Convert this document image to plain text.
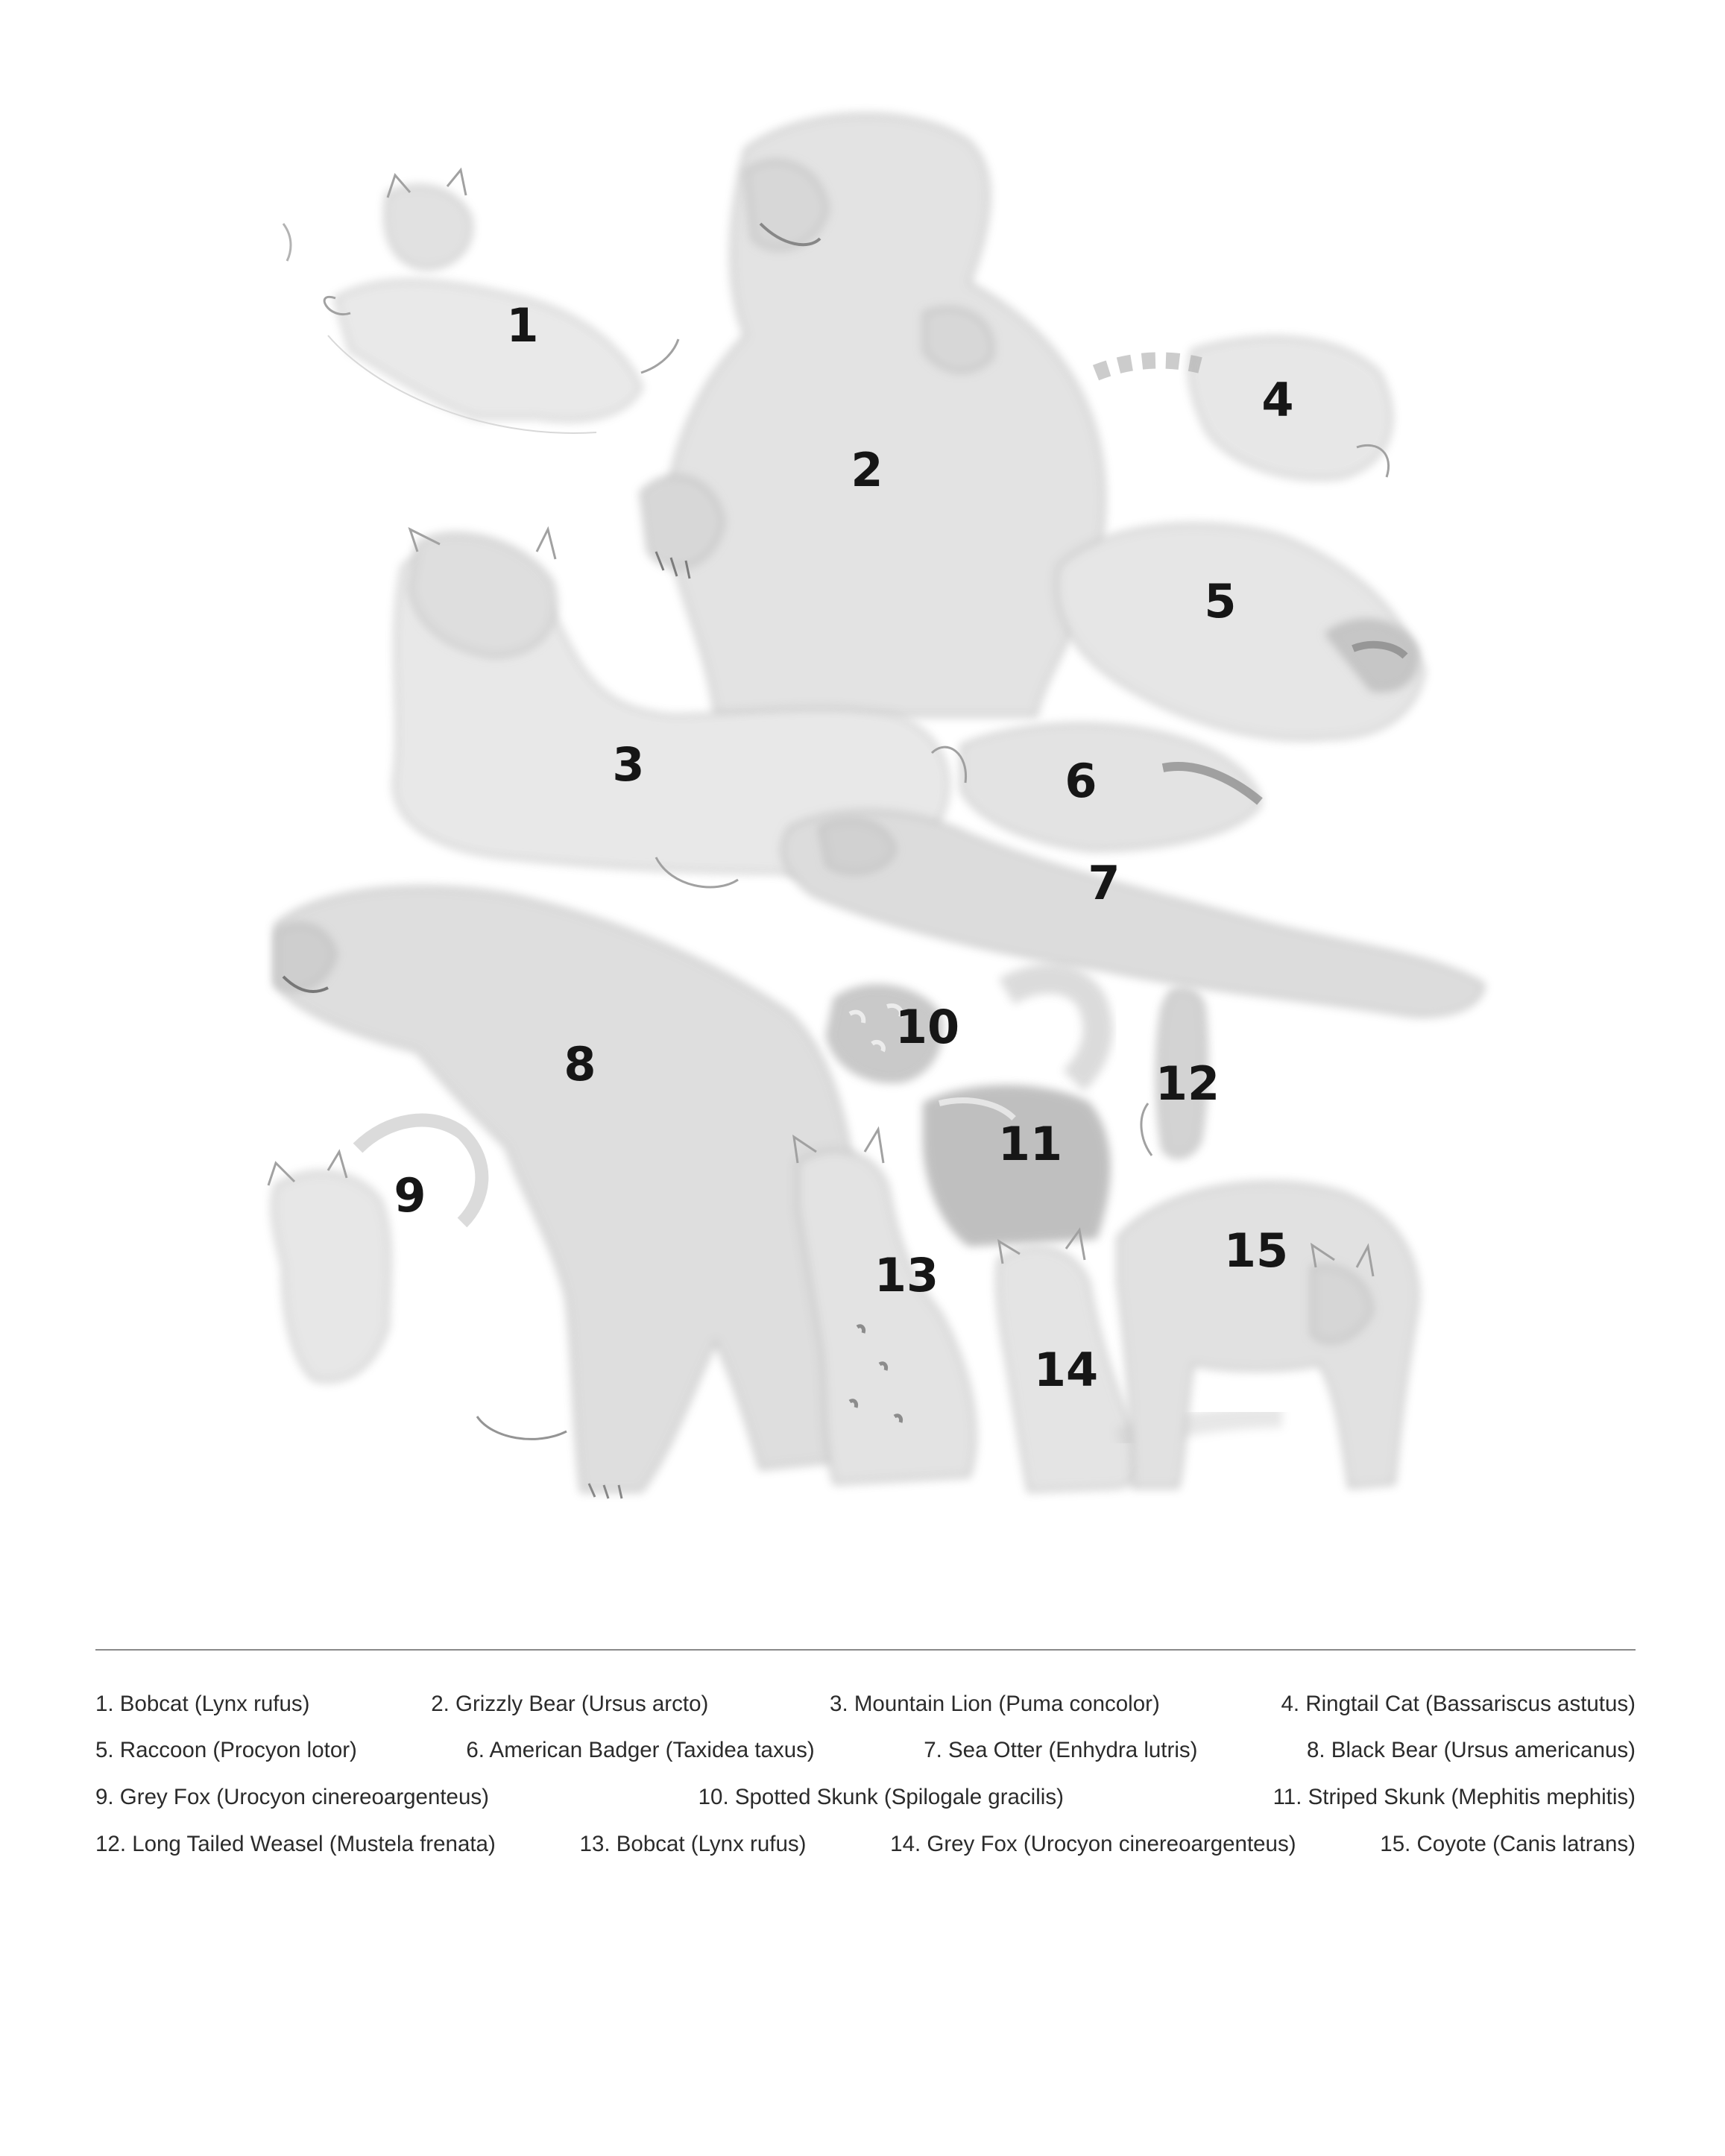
1
2
3
4
5
6
7
8
9
10
11
12
13
14
15
1. Bobcat (Lynx rufus)	2. Grizzly Bear (Ursus arcto)	3. Mountain Lion (Puma concolor)	4. Ringtail Cat (Bassariscus astutus)
5. Raccoon (Procyon lotor)	6. American Badger (Taxidea taxus)	7. Sea Otter (Enhydra lutris)	8. Black Bear (Ursus americanus)
9. Grey Fox (Urocyon cinereoargenteus)	10. Spotted Skunk (Spilogale gracilis)	11. Striped Skunk (Mephitis mephitis)
12. Long Tailed Weasel (Mustela frenata)	13. Bobcat (Lynx rufus)	14. Grey Fox (Urocyon cinereoargenteus)	15. Coyote (Canis latrans)
